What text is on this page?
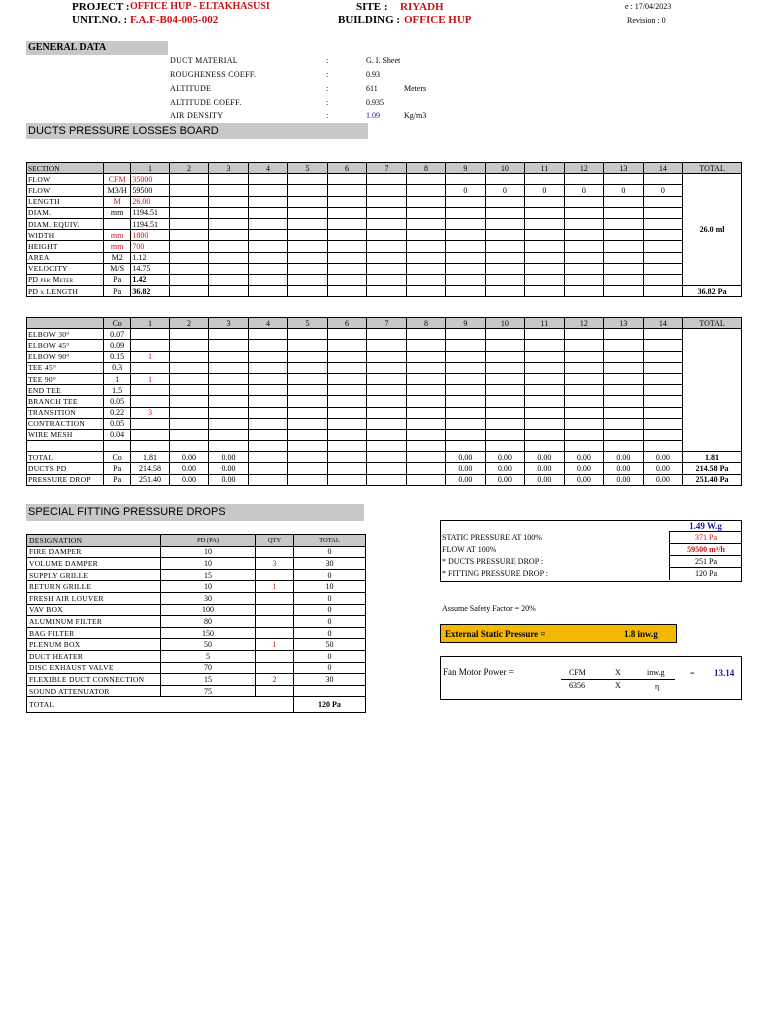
PROJECT : OFFICE HUP - ELTAKHASUSI
UNIT.NO. : F.A.F-B04-005-002
SITE : RIYADH
BUILDING : OFFICE HUP
e : 17/04/2023
Revision : 0
GENERAL DATA
DUCT MATERIAL	:	G. I. Sheet
ROUGHENESS COEFF.	:	0.93
ALTITUDE	:	611	Meters
ALTITUDE COEFF.	:	0.935
AIR DENSITY	:	1.09	Kg/m3
DUCTS PRESSURE LOSSES BOARD
SECTION		1	2	3	4	5	6	7	8	9	10	11	12	13	14	TOTAL
FLOW	CFM	35000														26.0 ml
FLOW	M3/H	59500								0	0	0	0	0	0	
LENGTH	M	26.00														
DIAM.	mm	1194.51														
DIAM. EQUIV.		1194.51														
WIDTH	mm	1800														
HEIGHT	mm	700														
AREA	M2	1.12														
VELOCITY	M/S	14.75														
PD per Meter	Pa	1.42														
PD x LENGTH	Pa	36.82														36.82 Pa
	Co	1	2	3	4	5	6	7	8	9	10	11	12	13	14	TOTAL
ELBOW 30°	0.07															
ELBOW 45°	0.09															
ELBOW 90°	0.15	1														
TEE 45°	0.3															
TEE 90°	1	1														
END TEE	1.5															
BRANCH TEE	0.05															
TRANSITION	0.22	3														
CONTRACTION	0.05															
WIRE MESH	0.04															

TOTAL	Co	1.81	0.00	0.00						0.00	0.00	0.00	0.00	0.00	0.00	1.81
DUCTS PD	Pa	214.58	0.00	0.00						0.00	0.00	0.00	0.00	0.00	0.00	214.58 Pa
PRESSURE DROP	Pa	251.40	0.00	0.00						0.00	0.00	0.00	0.00	0.00	0.00	251.40 Pa
SPECIAL FITTING PRESSURE DROPS
DESIGNATION	PD (PA)	QTY	TOTAL
FIRE DAMPER	10		0
VOLUME DAMPER	10	3	30
SUPPLY GRILLE	15		0
RETURN GRILLE	10	1	10
FRESH AIR LOUVER	30		0
VAV BOX	100		0
ALUMINUM FILTER	80		0
BAG FILTER	150		0
PLENUM BOX	50	1	50
DUCT HEATER	5		0
DISC EXHAUST VALVE	70		0
FLEXIBLE DUCT CONNECTION	15	2	30
SOUND ATTENUATOR	75		
TOTAL			120 Pa
1.49 W.g
STATIC PRESSURE AT 100%	371 Pa
FLOW AT 100%	59500 m³/h
* DUCTS PRESSURE DROP :	251 Pa
* FITTING PRESSURE DROP :	120 Pa
Assume Safety Factor = 20%
External Static Pressure =	1.8 inw.g
Fan Motor Power =	CFM	X	inw.g	= 13.14
6356	X	η
